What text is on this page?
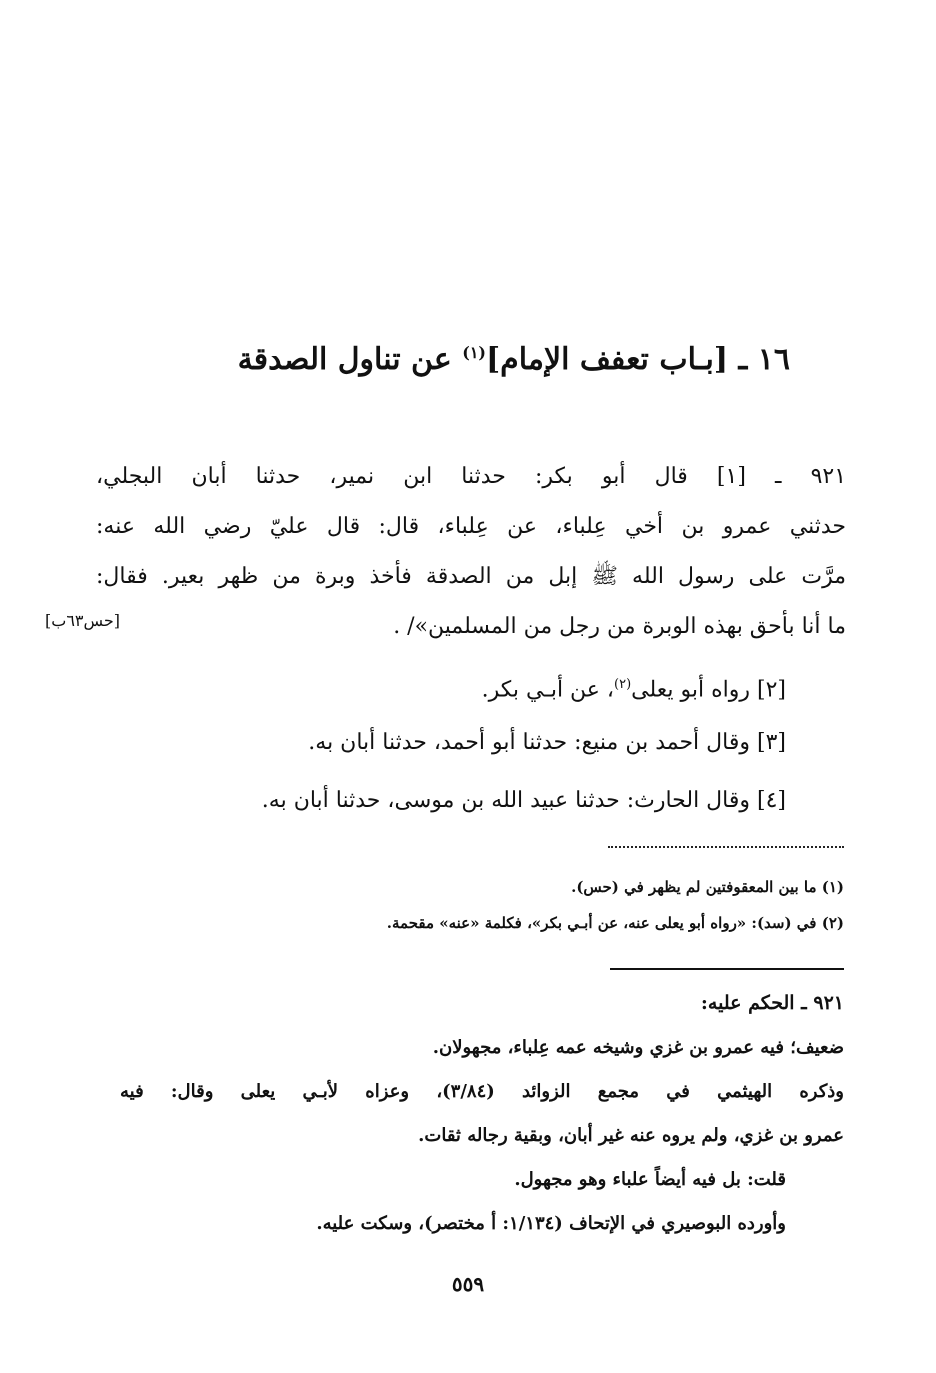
١٦ ـ [بـاب تعفف الإمام]$^{(١)}$ عن تناول الصدقة
٩٢١ ـ [١] قال أبو بكر: حدثنا ابن نمير، حدثنا أبان البجلي،
حدثني عمرو بن أخي عِلباء، عن عِلباء، قال: قال عليّ رضي الله عنه:
مرَّت على رسول الله ﷺ إبل من الصدقة فأخذ وبرة من ظهر بعير. فقال:
ما أنا بأحق بهذه الوبرة من رجل من المسلمين»/ .
[حس٦٣ب]
[٢] رواه أبو يعلى$^{(٢)}$، عن أبـي بكر.
[٣] وقال أحمد بن منيع: حدثنا أبو أحمد، حدثنا أبان به.
[٤] وقال الحارث: حدثنا عبيد الله بن موسى، حدثنا أبان به.
(١) ما بين المعقوفتين لم يظهر في (حس).
(٢) في (سد): «رواه أبو يعلى عنه، عن أبـي بكر»، فكلمة «عنه» مقحمة.
٩٢١ ـ الحكم عليه:
ضعيف؛ فيه عمرو بن غزي وشيخه عمه عِلباء، مجهولان.
وذكره الهيثمي في مجمع الزوائد (٣/٨٤)، وعزاه لأبـي يعلى وقال: فيه
عمرو بن غزي، ولم يروه عنه غير أبان، وبقية رجاله ثقات.
قلت: بل فيه أيضاً علباء وهو مجهول.
وأورده البوصيري في الإتحاف (١/١٣٤: أ مختصر)، وسكت عليه.
٥٥٩
